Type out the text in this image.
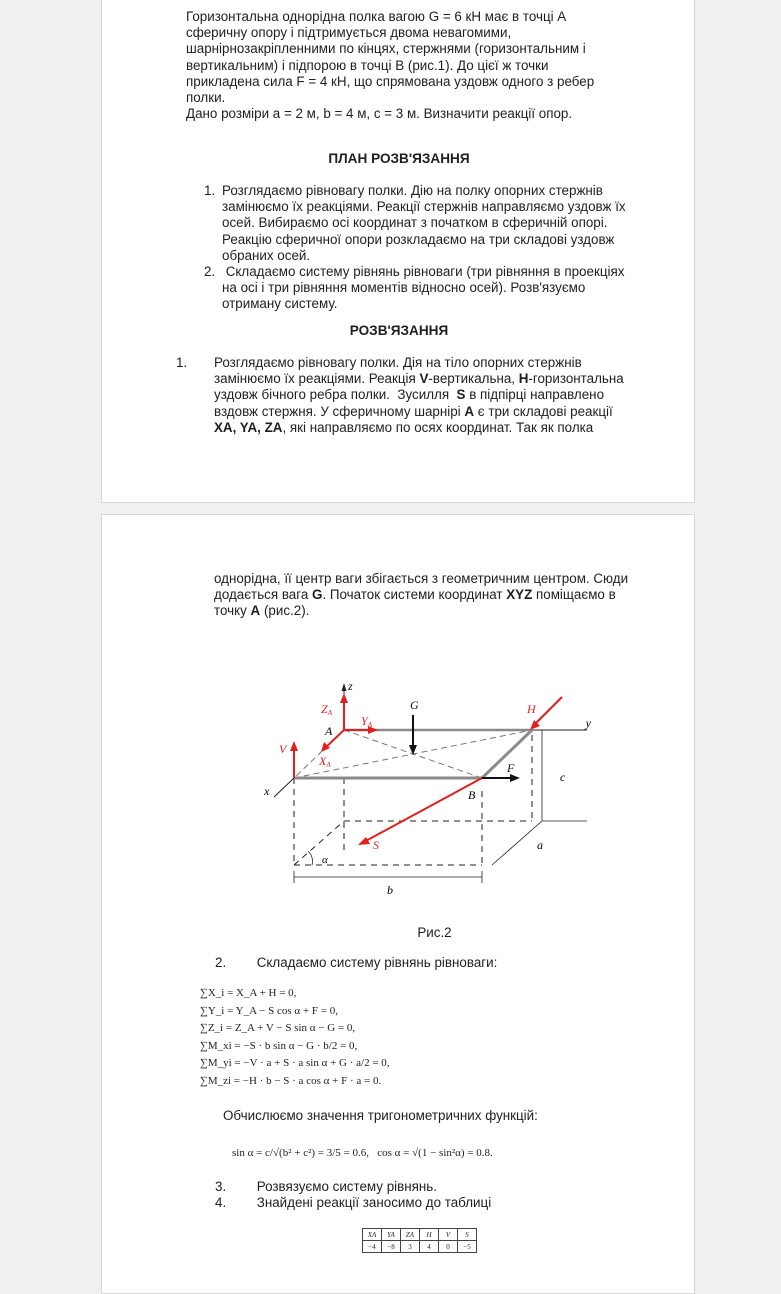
Горизонтальна однорідна полка вагою G = 6 кН має в точці А
сферичну опору і підтримується двома невагомими,
шарнірнозакріпленними по кінцях, стержнями (горизонтальним і
вертикальним) і підпорою в точці В (рис.1). До цієї ж точки
прикладена сила F = 4 кН, що спрямована уздовж одного з ребер
полки.
Дано розміри а = 2 м, b = 4 м, с = 3 м. Визначити реакції опор.
ПЛАН РОЗВ'ЯЗАННЯ
1. Розглядаємо рівновагу полки. Дію на полку опорних стержнів
замінюємо їх реакціями. Реакції стержнів направляємо уздовж їх
осей. Вибираємо осі координат з початком в сферичній опорі.
Реакцію сферичної опори розкладаємо на три складові уздовж
обраних осей.
2. Складаємо систему рівнянь рівноваги (три рівняння в проекціях
на осі і три рівняння моментів відносно осей). Розв'язуємо
отриману систему.
РОЗВ'ЯЗАННЯ
1.	Розглядаємо рівновагу полки. Дія на тіло опорних стержнів
замінюємо їх реакціями. Реакція V-вертикальна, H-горизонтальна
уздовж бічного ребра полки.  Зусилля  S в підпірці направлено
вздовж стержня. У сферичному шарнірі A є три складові реакції
XA, YA, ZA, які направляємо по осях координат. Так як полка
однорідна, її центр ваги збігається з геометричним центром. Сюди
додається вага G. Початок системи координат XYZ поміщаємо в
точку A (рис.2).
z
y
x
A
B
c
a
b
α
G
F
ZA
YA
XA
V
H
S
Рис.2
2. Складаємо систему рівнянь рівноваги:
∑X_i = X_A + H = 0,
∑Y_i = Y_A − S cos α + F = 0,
∑Z_i = Z_A + V − S sin α − G = 0,
∑M_xi = −S · b sin α − G · b/2 = 0,
∑M_yi = −V · a + S · a sin α + G · a/2 = 0,
∑M_zi = −H · b − S · a cos α + F · a = 0.
Обчислюємо значення тригонометричних функцій:
sin α = c/√(b² + c²) = 3/5 = 0.6,   cos α = √(1 − sin²α) = 0.8.
3. Розвязуємо систему рівнянь.
4. Знайдені реакції заносимо до таблиці
XA	YA	ZA	H	V	S
−4	−8	3	4	0	−5
